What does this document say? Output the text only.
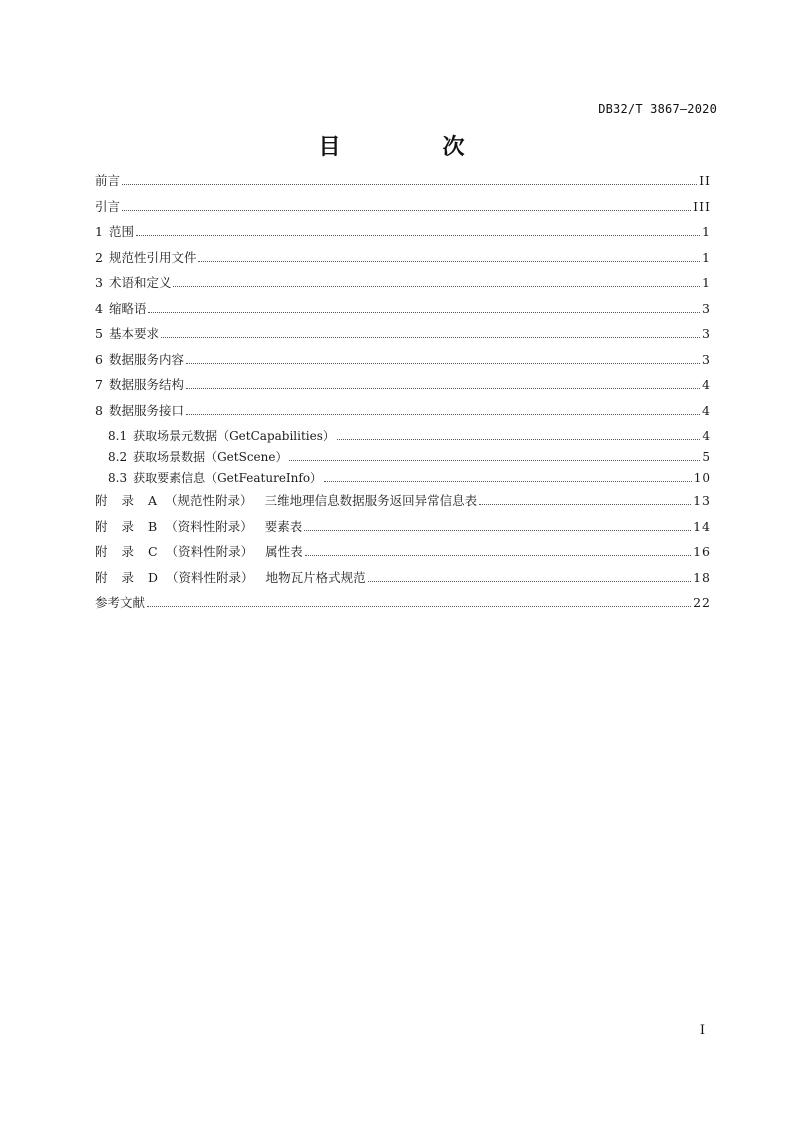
DB32/T 3867—2020
目　次
前言	II
引言	III
1 范围	1
2 规范性引用文件	1
3 术语和定义	1
4 缩略语	3
5 基本要求	3
6 数据服务内容	3
7 数据服务结构	4
8 数据服务接口	4
8.1 获取场景元数据（GetCapabilities）	4
8.2 获取场景数据（GetScene）	5
8.3 获取要素信息（GetFeatureInfo）	10
附录A （规范性附录） 三维地理信息数据服务返回异常信息表	13
附录B （资料性附录） 要素表	14
附录C （资料性附录） 属性表	16
附录D （资料性附录） 地物瓦片格式规范	18
参考文献	22
I
